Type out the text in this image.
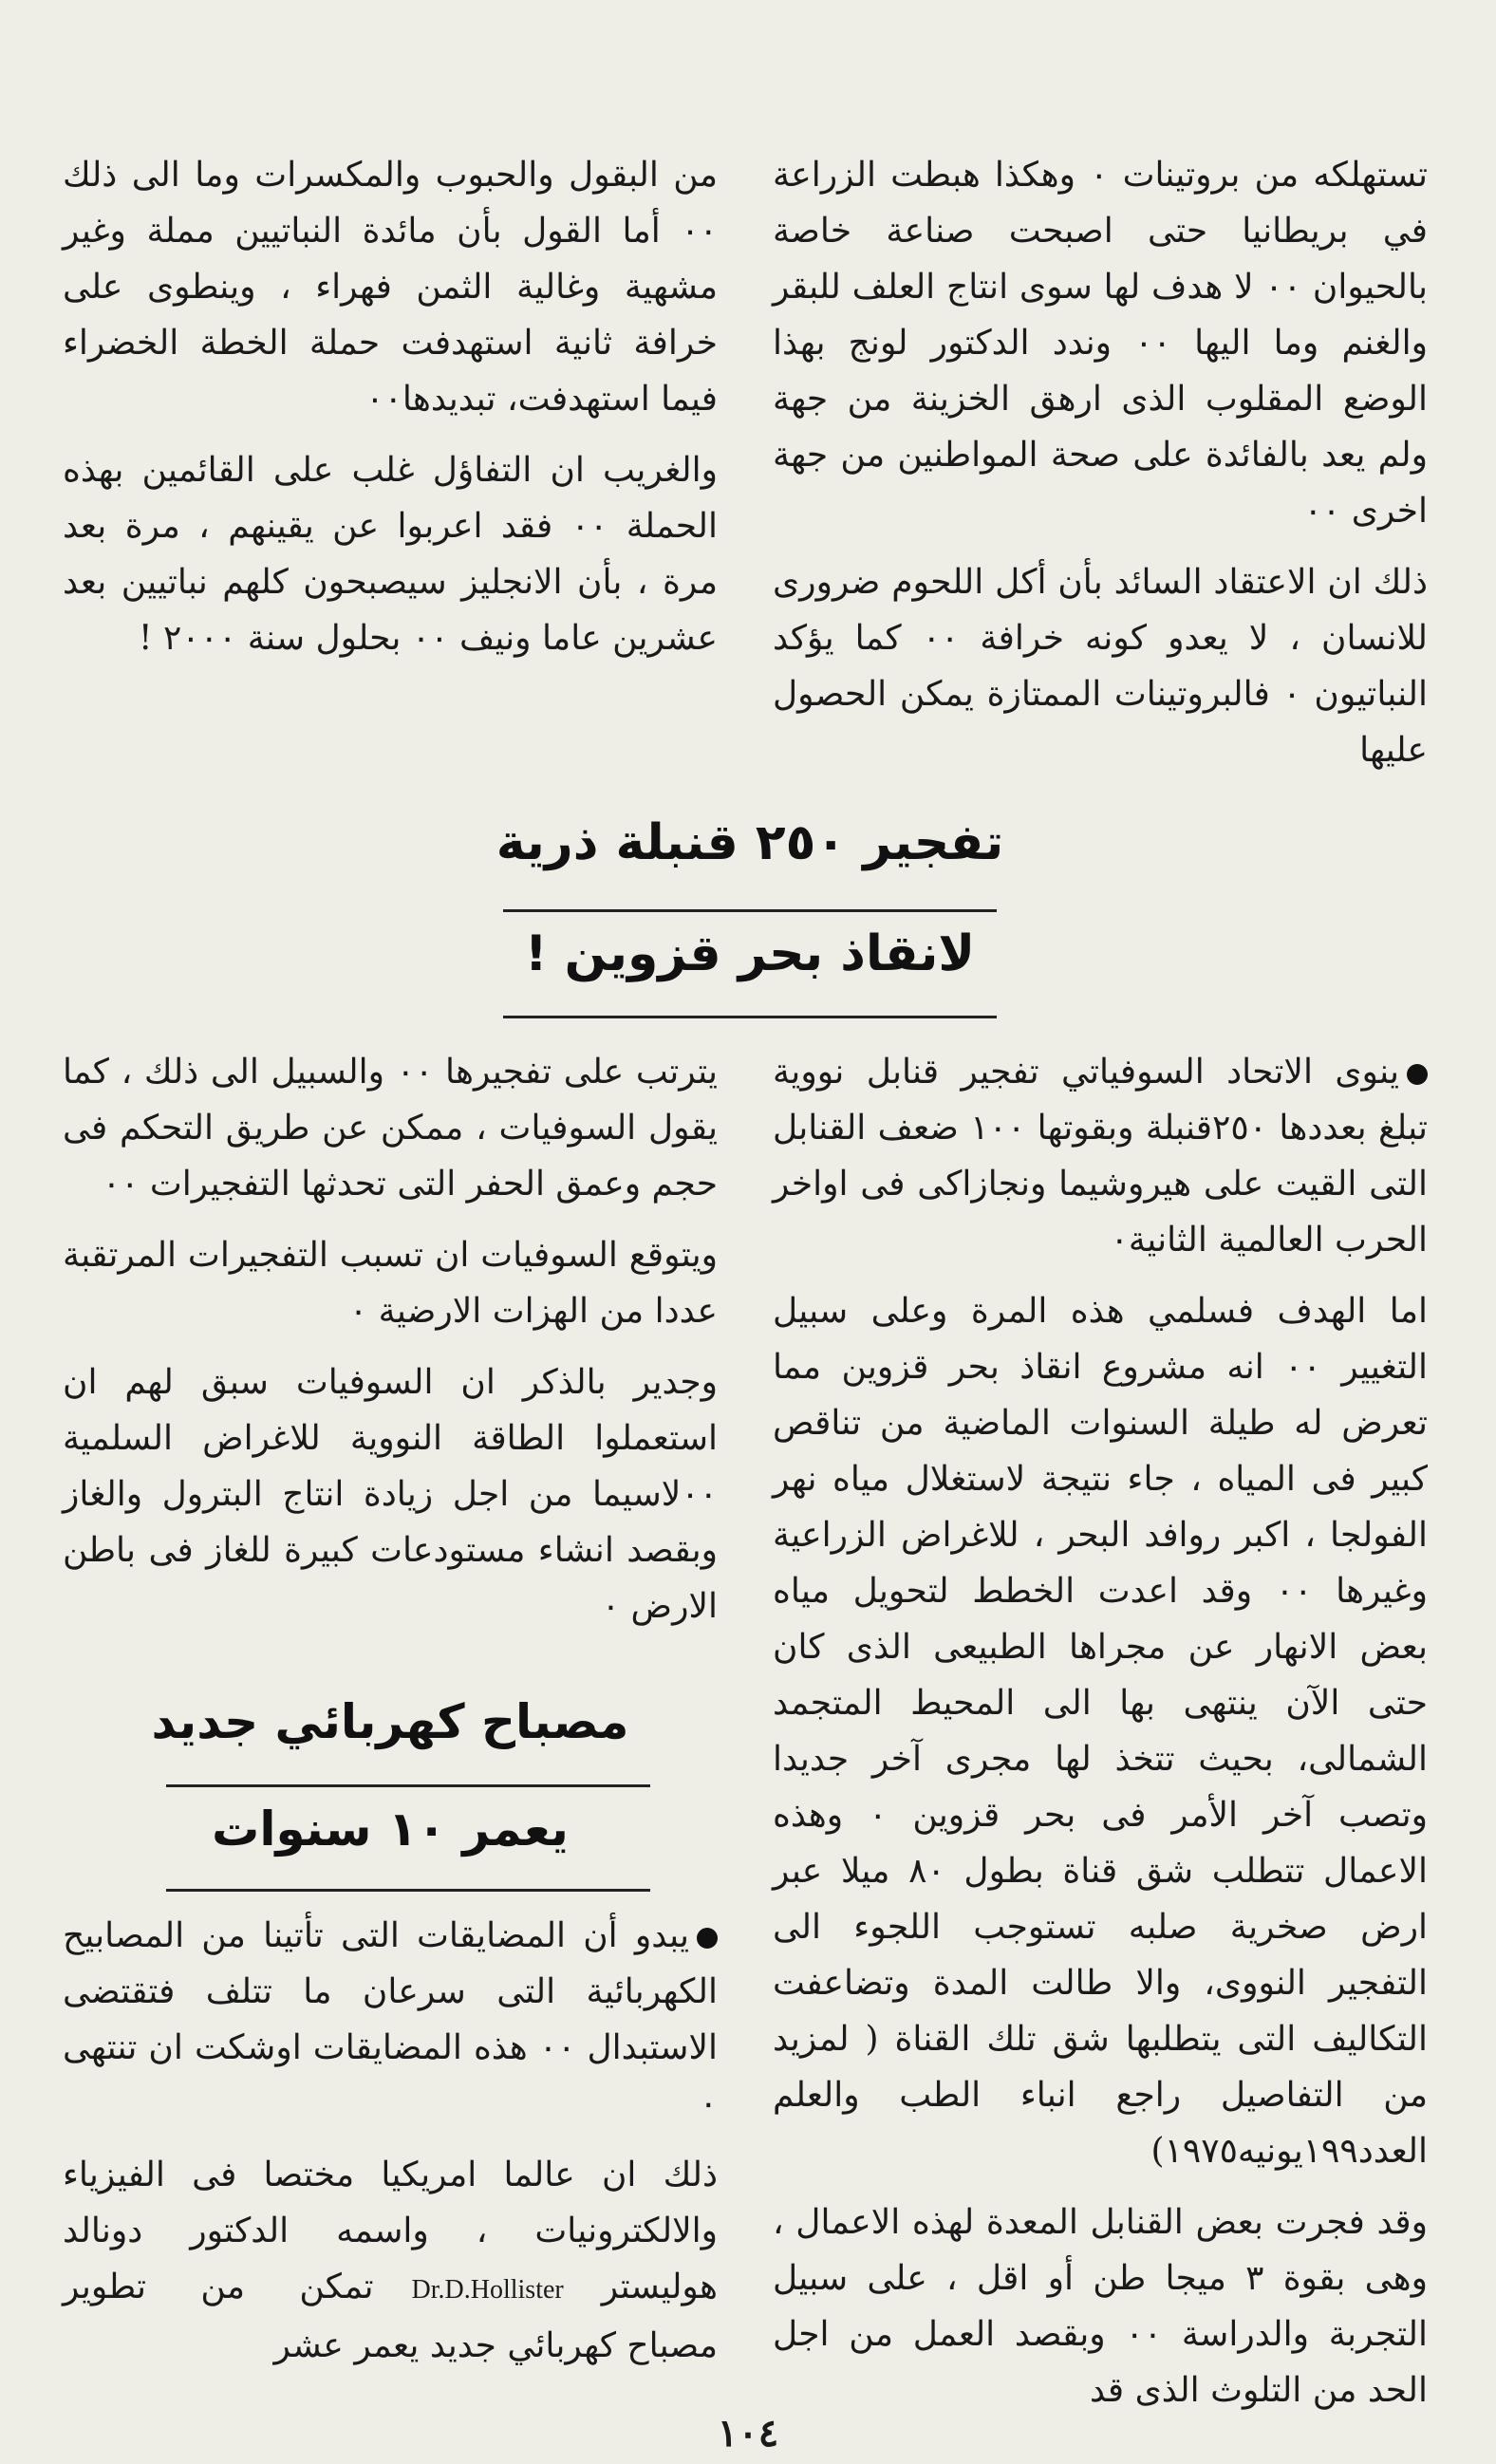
تستهلكه من بروتينات ٠ وهكذا هبطت الزراعة في بريطانيا حتى اصبحت صناعة خاصة بالحيوان ٠٠ لا هدف لها سوى انتاج العلف للبقر والغنم وما اليها ٠٠ وندد الدكتور لونج بهذا الوضع المقلوب الذى ارهق الخزينة من جهة ولم يعد بالفائدة على صحة المواطنين من جهة اخرى ٠٠

ذلك ان الاعتقاد السائد بأن أكل اللحوم ضرورى للانسان ، لا يعدو كونه خرافة ٠٠ كما يؤكد النباتيون ٠ فالبروتينات الممتازة يمكن الحصول عليها

من البقول والحبوب والمكسرات وما الى ذلك ٠٠ أما القول بأن مائدة النباتيين مملة وغير مشهية وغالية الثمن فهراء ، وينطوى على خرافة ثانية استهدفت حملة الخطة الخضراء فيما استهدفت، تبديدها٠٠

والغريب ان التفاؤل غلب على القائمين بهذه الحملة ٠٠ فقد اعربوا عن يقينهم ، مرة بعد مرة ، بأن الانجليز سيصبحون كلهم نباتيين بعد عشرين عاما ونيف ٠٠ بحلول سنة ٢٠٠٠ !

تفجير ٢٥٠ قنبلة ذرية
لانقاذ بحر قزوين !

ينوى الاتحاد السوفياتي تفجير قنابل نووية تبلغ بعددها ٢٥٠قنبلة وبقوتها ١٠٠ ضعف القنابل التى القيت على هيروشيما ونجازاكى فى اواخر الحرب العالمية الثانية٠

اما الهدف فسلمي هذه المرة وعلى سبيل التغيير ٠٠ انه مشروع انقاذ بحر قزوين مما تعرض له طيلة السنوات الماضية من تناقص كبير فى المياه ، جاء نتيجة لاستغلال مياه نهر الفولجا ، اكبر روافد البحر ، للاغراض الزراعية وغيرها ٠٠ وقد اعدت الخطط لتحويل مياه بعض الانهار عن مجراها الطبيعى الذى كان حتى الآن ينتهى بها الى المحيط المتجمد الشمالى، بحيث تتخذ لها مجرى آخر جديدا وتصب آخر الأمر فى بحر قزوين ٠ وهذه الاعمال تتطلب شق قناة بطول ٨٠ ميلا عبر ارض صخرية صلبه تستوجب اللجوء الى التفجير النووى، والا طالت المدة وتضاعفت التكاليف التى يتطلبها شق تلك القناة ( لمزيد من التفاصيل راجع انباء الطب والعلم العدد١٩٩يونيه١٩٧٥)

وقد فجرت بعض القنابل المعدة لهذه الاعمال ، وهى بقوة ٣ ميجا طن أو اقل ، على سبيل التجربة والدراسة ٠٠ وبقصد العمل من اجل الحد من التلوث الذى قد

يترتب على تفجيرها ٠٠ والسبيل الى ذلك ، كما يقول السوفيات ، ممكن عن طريق التحكم فى حجم وعمق الحفر التى تحدثها التفجيرات ٠٠

ويتوقع السوفيات ان تسبب التفجيرات المرتقبة عددا من الهزات الارضية ٠

وجدير بالذكر ان السوفيات سبق لهم ان استعملوا الطاقة النووية للاغراض السلمية ٠٠لاسيما من اجل زيادة انتاج البترول والغاز وبقصد انشاء مستودعات كبيرة للغاز فى باطن الارض ٠

مصباح كهربائي جديد
يعمر ١٠ سنوات

يبدو أن المضايقات التى تأتينا من المصابيح الكهربائية التى سرعان ما تتلف فتقتضى الاستبدال ٠٠ هذه المضايقات اوشكت ان تنتهى ٠

ذلك ان عالما امريكيا مختصا فى الفيزياء والالكترونيات ، واسمه الدكتور دونالد هوليسترDr.D.Hollisterتمكن من تطوير مصباح كهربائي جديد يعمر عشر

١٠٤
